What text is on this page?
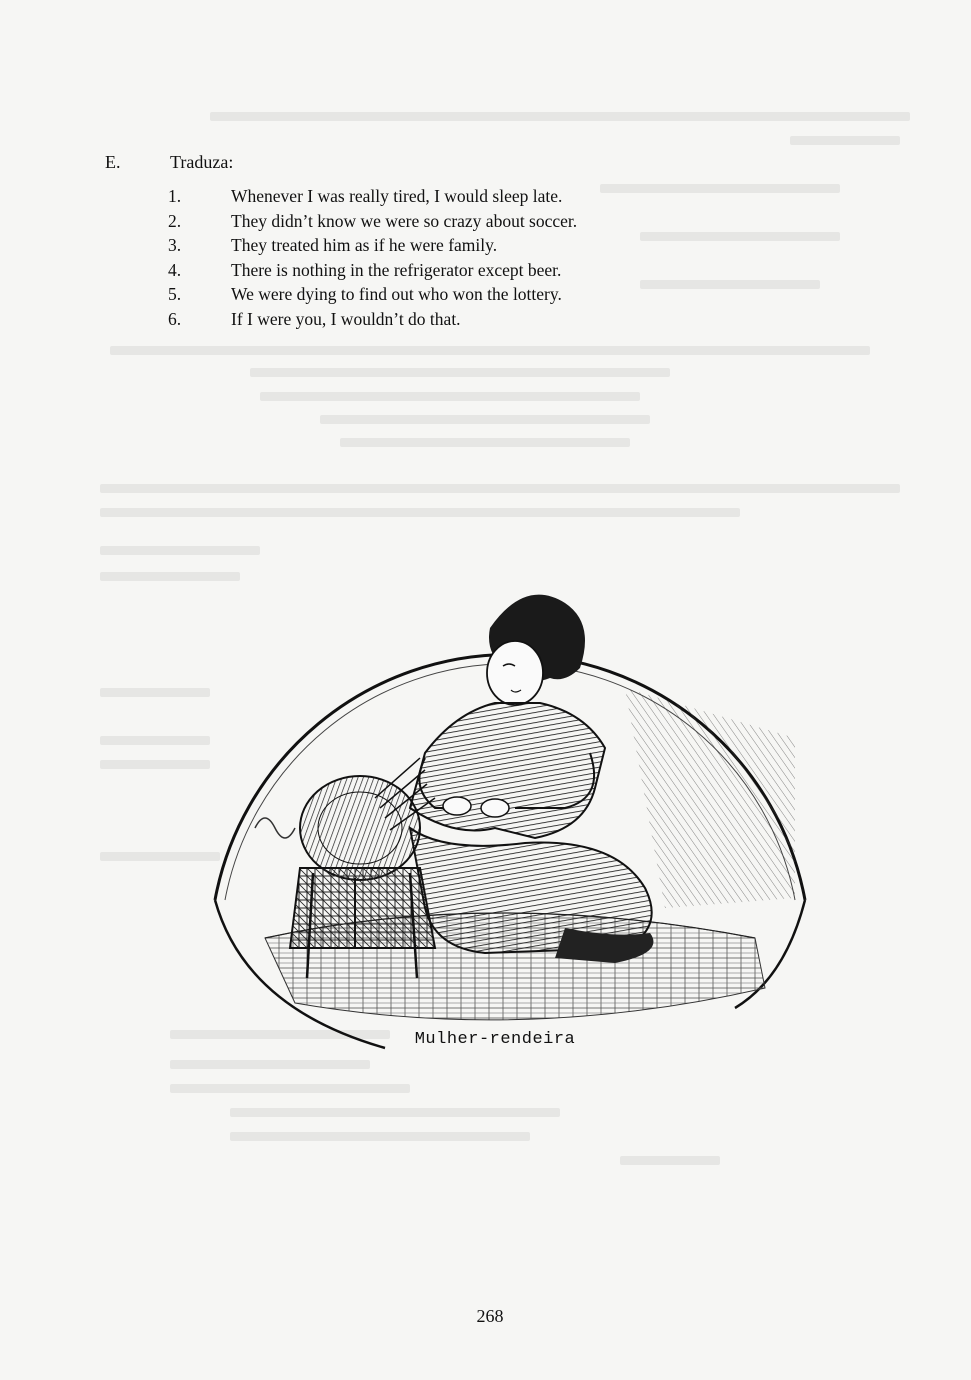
E.	Traduza:
1.	Whenever I was really tired, I would sleep late.
2.	They didn’t know we were so crazy about soccer.
3.	They treated him as if he were family.
4.	There is nothing in the refrigerator except beer.
5.	We were dying to find out who won the lottery.
6.	If I were you, I wouldn’t do that.
Mulher-rendeira
268
